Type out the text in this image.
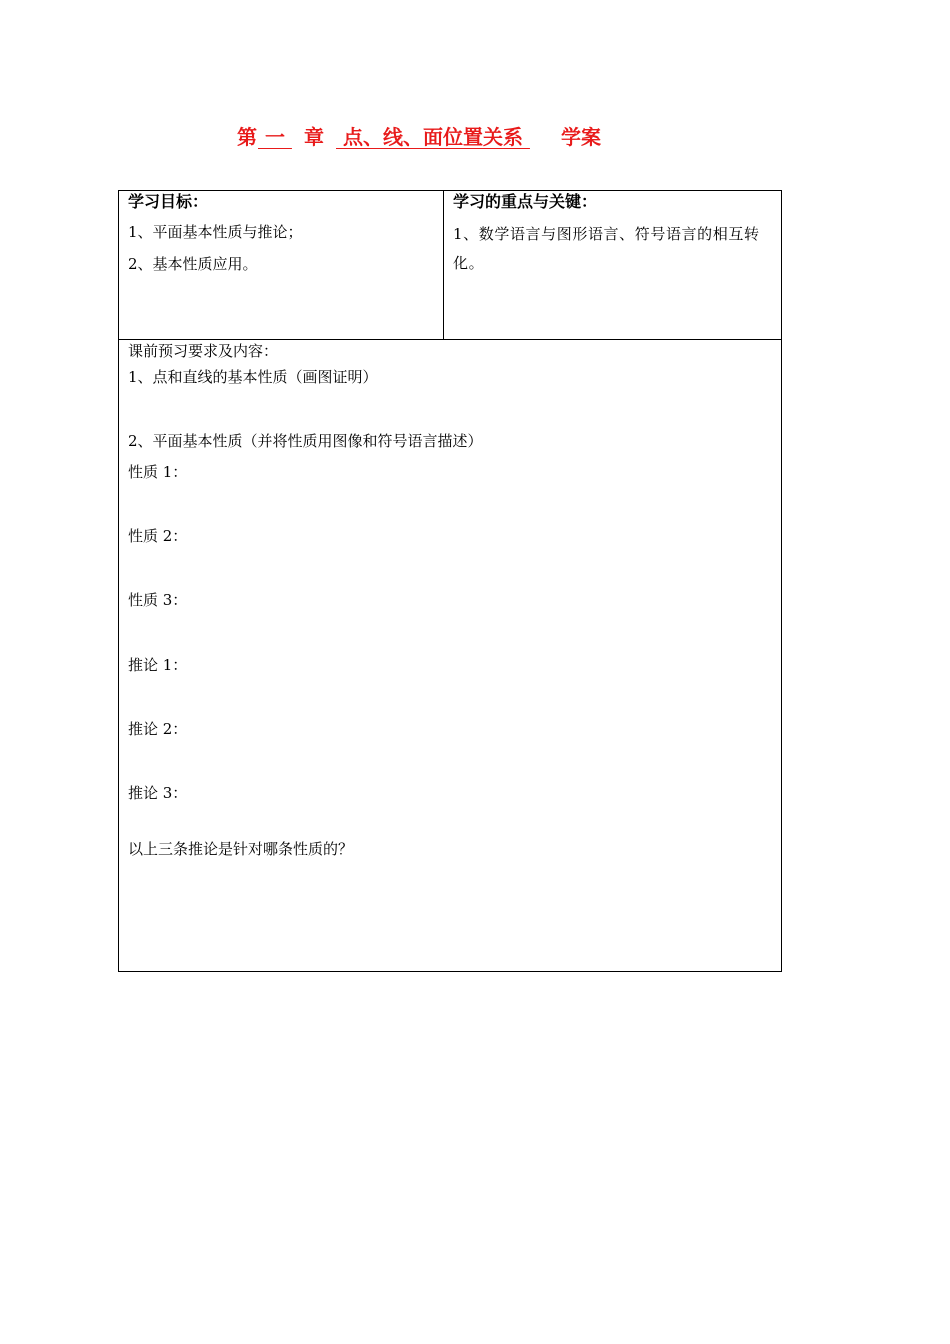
第

一

章

点、线、面位置关系

学案

学习目标：
1、平面基本性质与推论；
2、基本性质应用。
学习的重点与关键：
1、数学语言与图形语言、符号语言的相互转化。
课前预习要求及内容：
1、点和直线的基本性质（画图证明）
2、平面基本性质（并将性质用图像和符号语言描述）
性质 1：
性质 2：
性质 3：
推论 1：
推论 2：
推论 3：
以上三条推论是针对哪条性质的？
